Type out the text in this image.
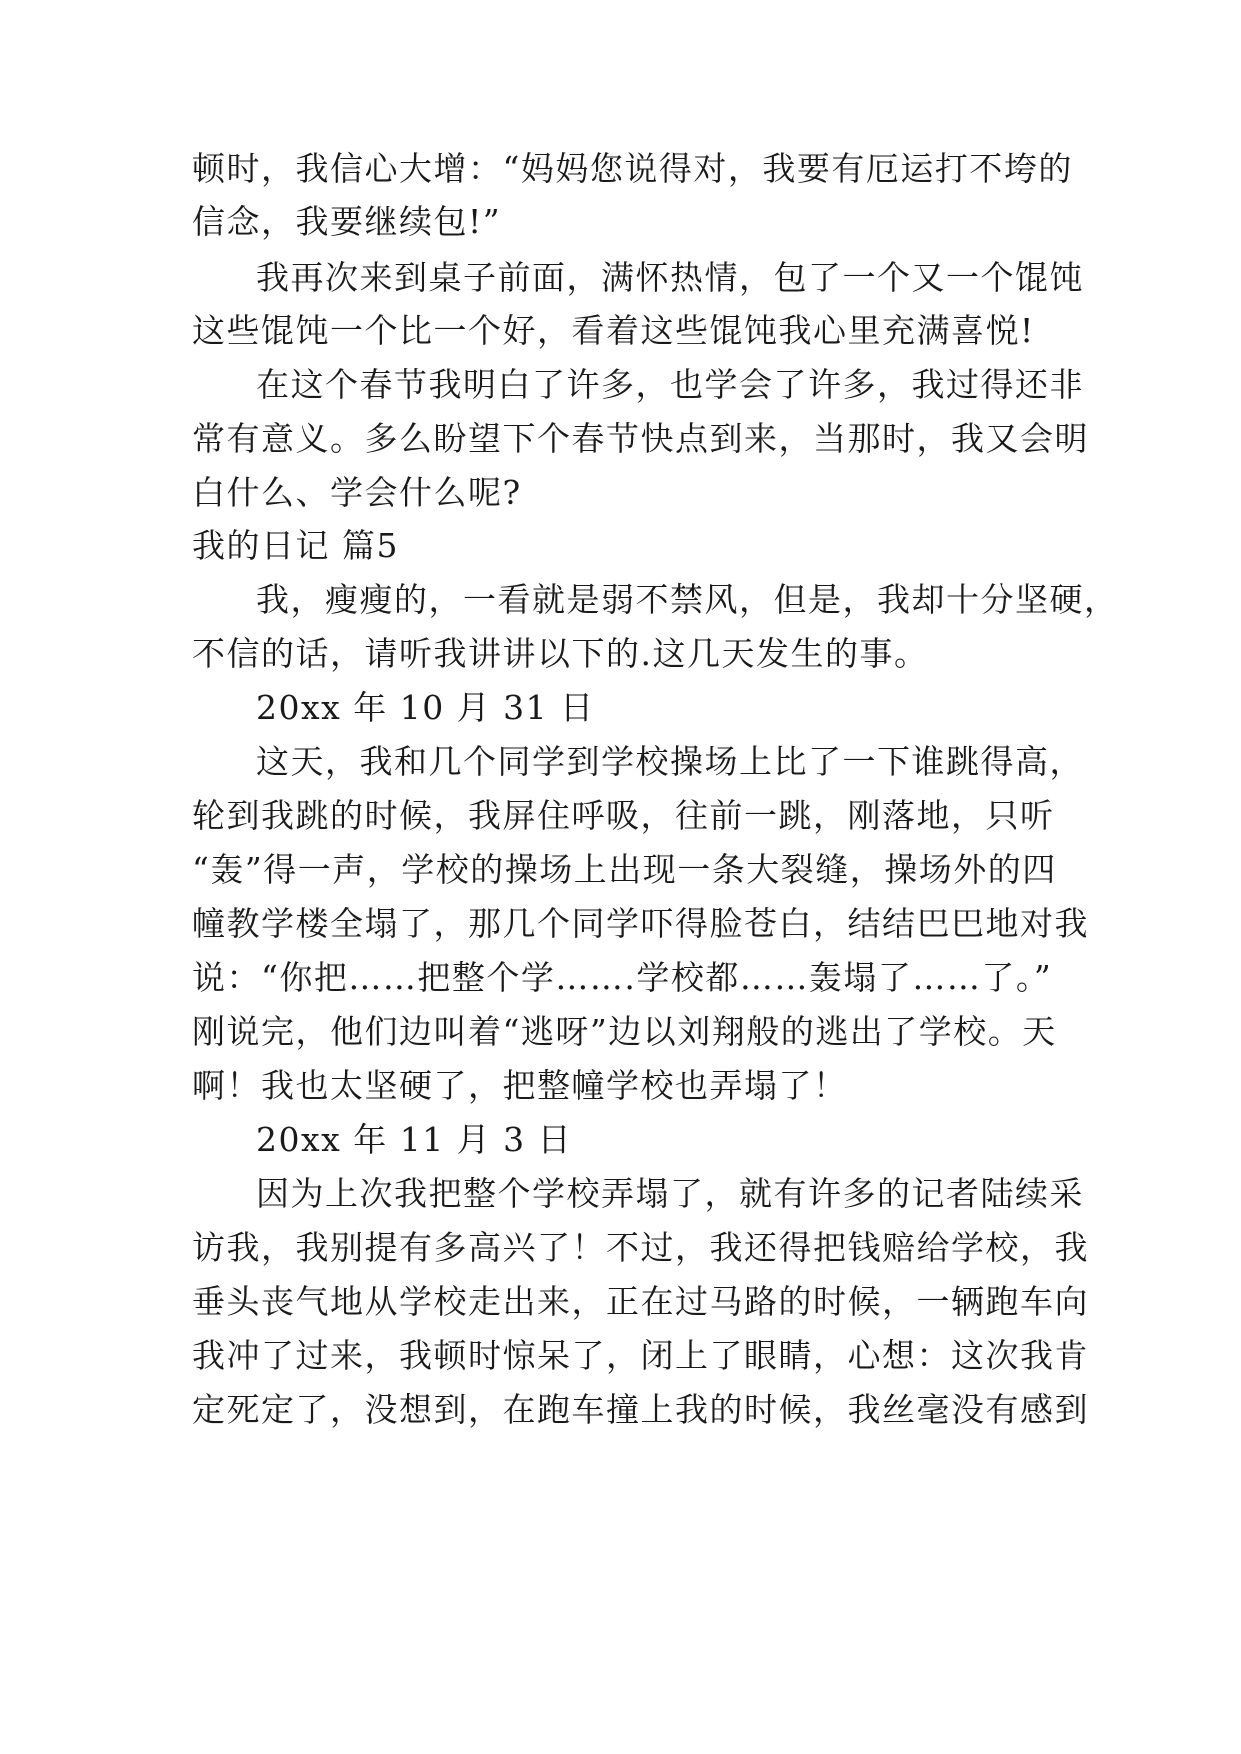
顿时，我信心大增：“妈妈您说得对，我要有厄运打不垮的
信念，我要继续包!”
我再次来到桌子前面，满怀热情，包了一个又一个馄饨
这些馄饨一个比一个好，看着这些馄饨我心里充满喜悦!
在这个春节我明白了许多，也学会了许多，我过得还非
常有意义。多么盼望下个春节快点到来，当那时，我又会明
白什么、学会什么呢?
我的日记 篇5
我，瘦瘦的，一看就是弱不禁风，但是，我却十分坚硬，
不信的话，请听我讲讲以下的.这几天发生的事。
20xx 年 10 月 31 日
这天，我和几个同学到学校操场上比了一下谁跳得高，
轮到我跳的时候，我屏住呼吸，往前一跳，刚落地，只听
“轰”得一声，学校的操场上出现一条大裂缝，操场外的四
幢教学楼全塌了，那几个同学吓得脸苍白，结结巴巴地对我
说：“你把……把整个学…….学校都……轰塌了……了。”
刚说完，他们边叫着“逃呀”边以刘翔般的逃出了学校。天
啊！我也太坚硬了，把整幢学校也弄塌了！
20xx 年 11 月 3 日
因为上次我把整个学校弄塌了，就有许多的记者陆续采
访我，我别提有多高兴了！不过，我还得把钱赔给学校，我
垂头丧气地从学校走出来，正在过马路的时候，一辆跑车向
我冲了过来，我顿时惊呆了，闭上了眼睛，心想：这次我肯
定死定了，没想到，在跑车撞上我的时候，我丝毫没有感到
